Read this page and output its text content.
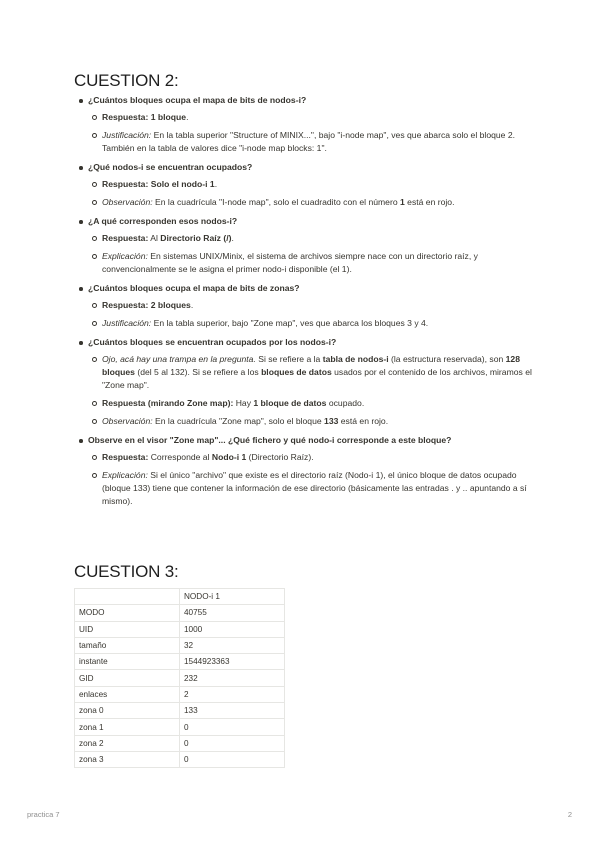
CUESTION 2:
¿Cuántos bloques ocupa el mapa de bits de nodos-i?
Respuesta: 1 bloque.
Justificación: En la tabla superior "Structure of MINIX...", bajo "i-node map", ves que abarca solo el bloque 2. También en la tabla de valores dice "i-node map blocks: 1".
¿Qué nodos-i se encuentran ocupados?
Respuesta: Solo el nodo-i 1.
Observación: En la cuadrícula "I-node map", solo el cuadradito con el número 1 está en rojo.
¿A qué corresponden esos nodos-i?
Respuesta: Al Directorio Raíz (/).
Explicación: En sistemas UNIX/Minix, el sistema de archivos siempre nace con un directorio raíz, y convencionalmente se le asigna el primer nodo-i disponible (el 1).
¿Cuántos bloques ocupa el mapa de bits de zonas?
Respuesta: 2 bloques.
Justificación: En la tabla superior, bajo "Zone map", ves que abarca los bloques 3 y 4.
¿Cuántos bloques se encuentran ocupados por los nodos-i?
Ojo, acá hay una trampa en la pregunta. Si se refiere a la tabla de nodos-i (la estructura reservada), son 128 bloques (del 5 al 132). Si se refiere a los bloques de datos usados por el contenido de los archivos, miramos el "Zone map".
Respuesta (mirando Zone map): Hay 1 bloque de datos ocupado.
Observación: En la cuadrícula "Zone map", solo el bloque 133 está en rojo.
Observe en el visor "Zone map"... ¿Qué fichero y qué nodo-i corresponde a este bloque?
Respuesta: Corresponde al Nodo-i 1 (Directorio Raíz).
Explicación: Si el único "archivo" que existe es el directorio raíz (Nodo-i 1), el único bloque de datos ocupado (bloque 133) tiene que contener la información de ese directorio (básicamente las entradas . y .. apuntando a sí mismo).
CUESTION 3:
	NODO-i 1
MODO	40755
UID	1000
tamaño	32
instante	1544923363
GID	232
enlaces	2
zona 0	133
zona 1	0
zona 2	0
zona 3	0
practica 7	2
